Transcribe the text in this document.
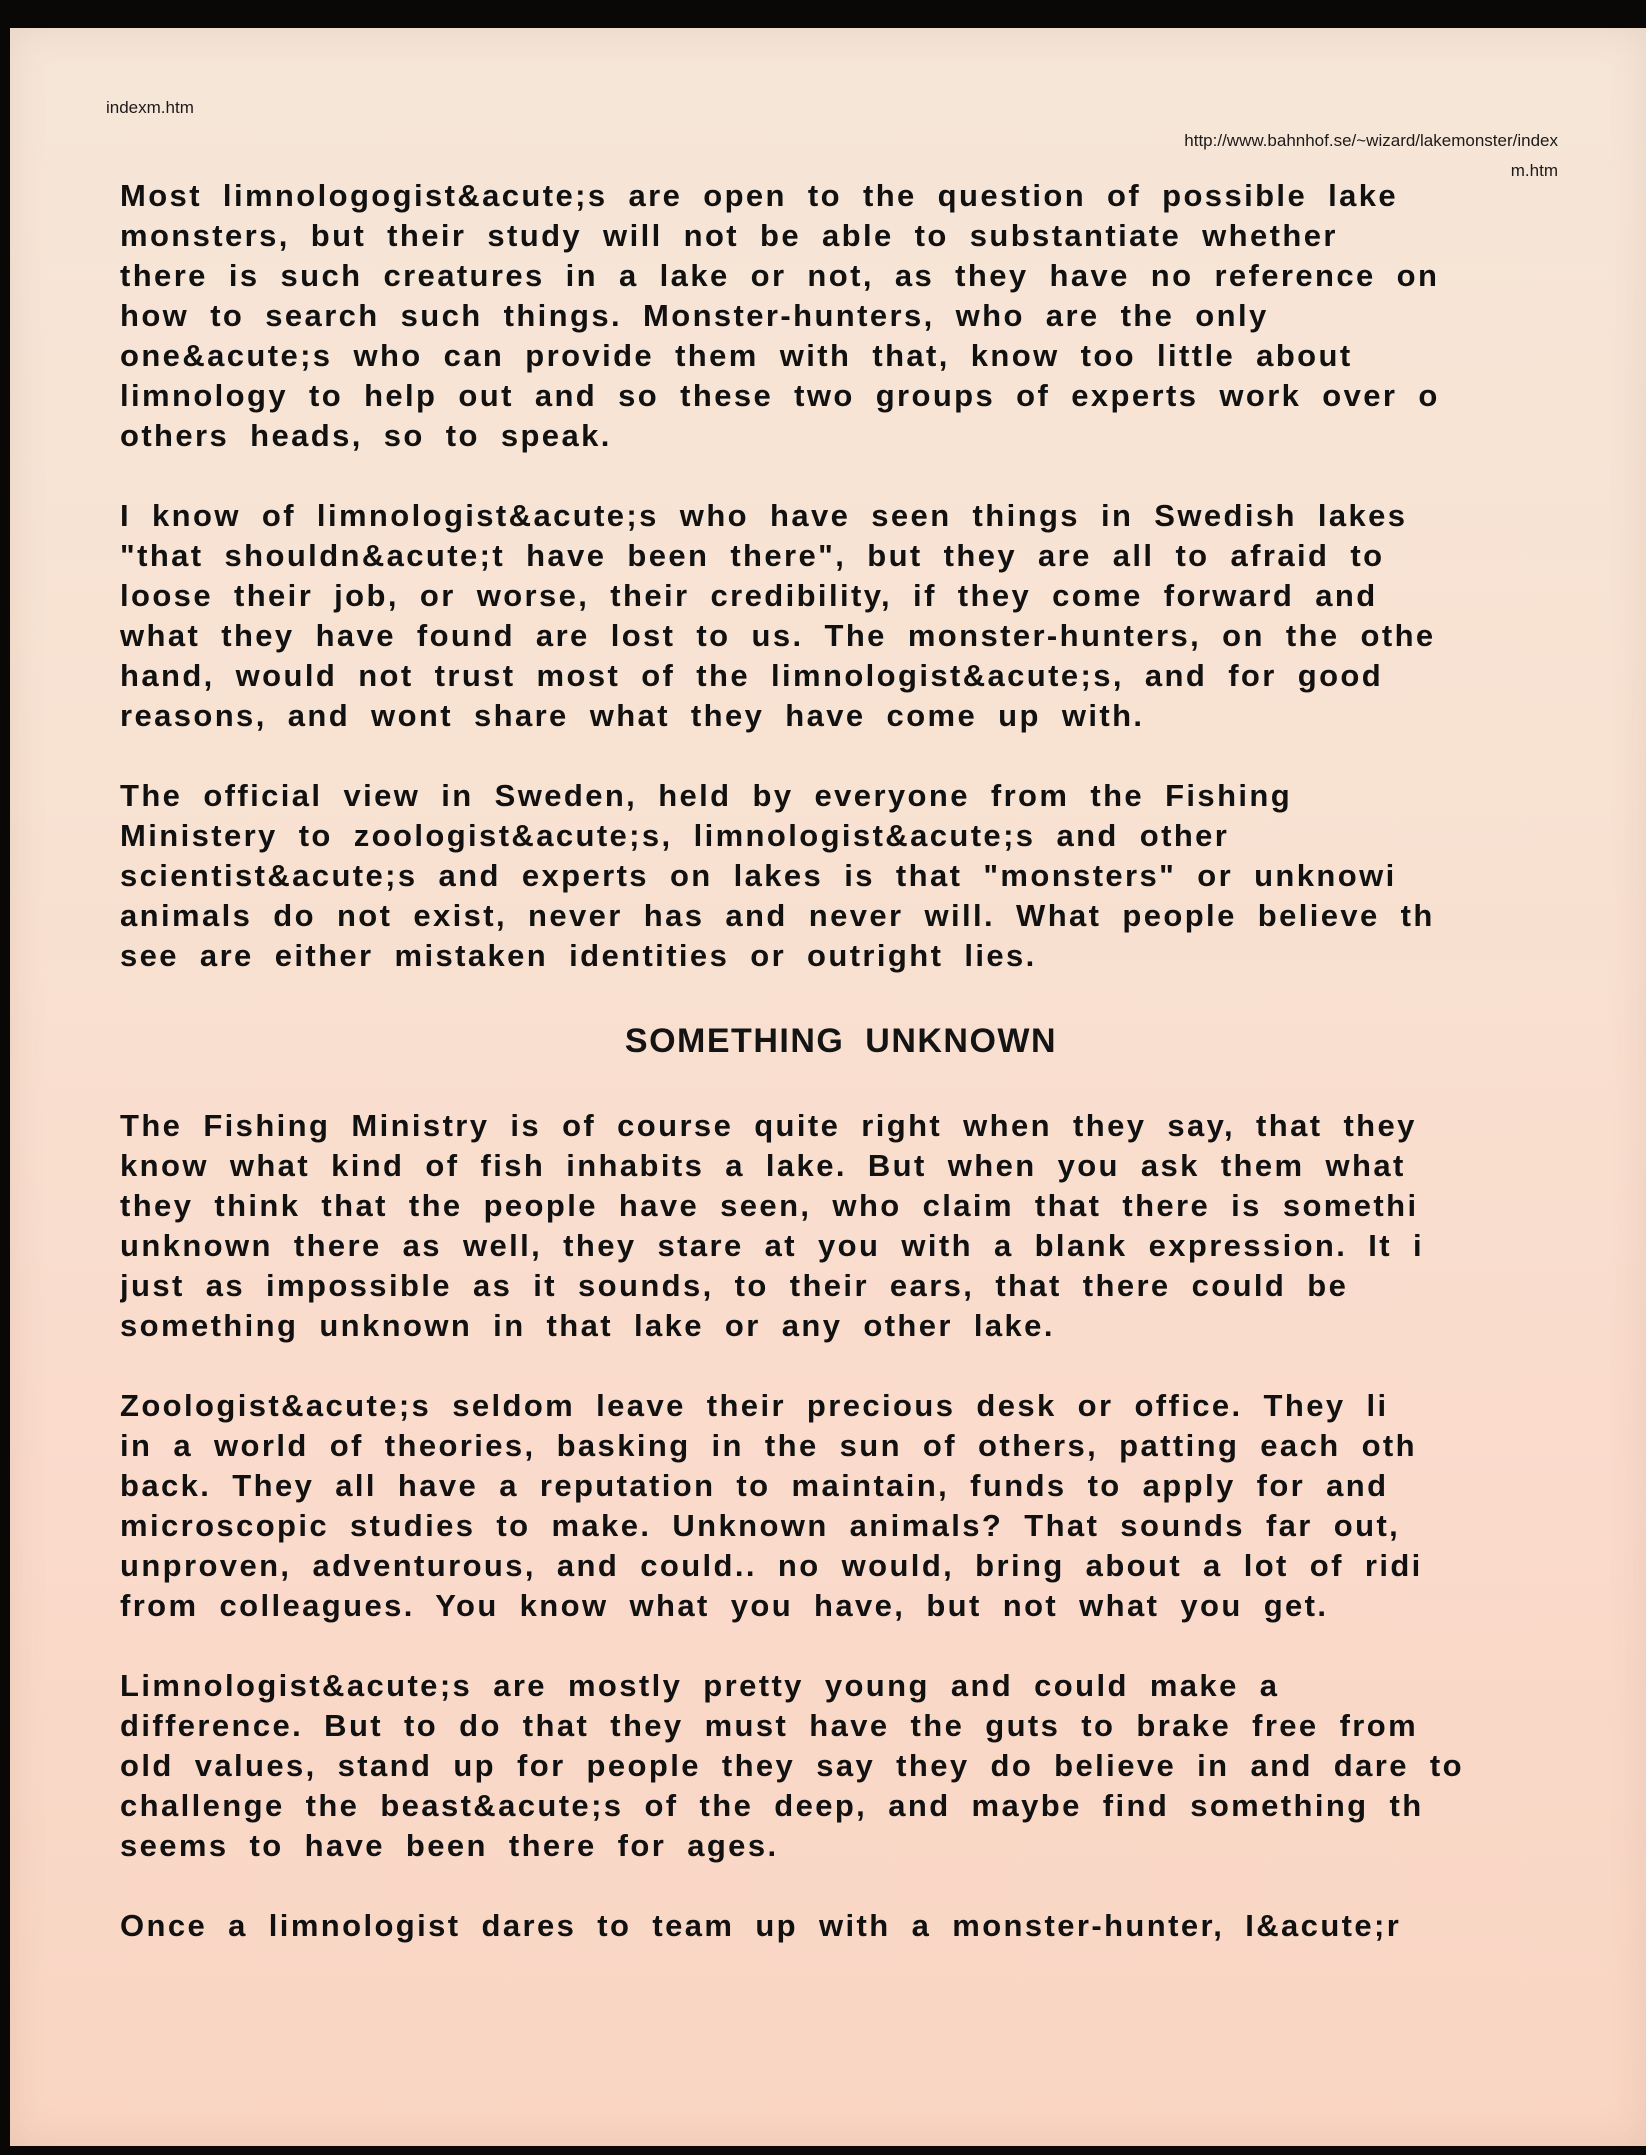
indexm.htm
http://www.bahnhof.se/~wizard/lakemonster/index
m.htm

Most limnologogist&acute;s are open to the question of possible lake
monsters, but their study will not be able to substantiate whether
there is such creatures in a lake or not, as they have no reference on
how to search such things. Monster-hunters, who are the only
one&acute;s who can provide them with that, know too little about
limnology to help out and so these two groups of experts work over o
others heads, so to speak.

I know of limnologist&acute;s who have seen things in Swedish lakes
"that shouldn&acute;t have been there", but they are all to afraid to
loose their job, or worse, their credibility, if they come forward and
what they have found are lost to us. The monster-hunters, on the othe
hand, would not trust most of the limnologist&acute;s, and for good
reasons, and wont share what they have come up with.

The official view in Sweden, held by everyone from the Fishing
Ministery to zoologist&acute;s, limnologist&acute;s and other
scientist&acute;s and experts on lakes is that "monsters" or unknowi
animals do not exist, never has and never will. What people believe th
see are either mistaken identities or outright lies.

SOMETHING UNKNOWN

The Fishing Ministry is of course quite right when they say, that they
know what kind of fish inhabits a lake. But when you ask them what
they think that the people have seen, who claim that there is somethi
unknown there as well, they stare at you with a blank expression. It i
just as impossible as it sounds, to their ears, that there could be
something unknown in that lake or any other lake.

Zoologist&acute;s seldom leave their precious desk or office. They li
in a world of theories, basking in the sun of others, patting each oth
back. They all have a reputation to maintain, funds to apply for and
microscopic studies to make. Unknown animals? That sounds far out,
unproven, adventurous, and could.. no would, bring about a lot of ridi
from colleagues. You know what you have, but not what you get.

Limnologist&acute;s are mostly pretty young and could make a
difference. But to do that they must have the guts to brake free from
old values, stand up for people they say they do believe in and dare to
challenge the beast&acute;s of the deep, and maybe find something th
seems to have been there for ages.

Once a limnologist dares to team up with a monster-hunter, I&acute;r
